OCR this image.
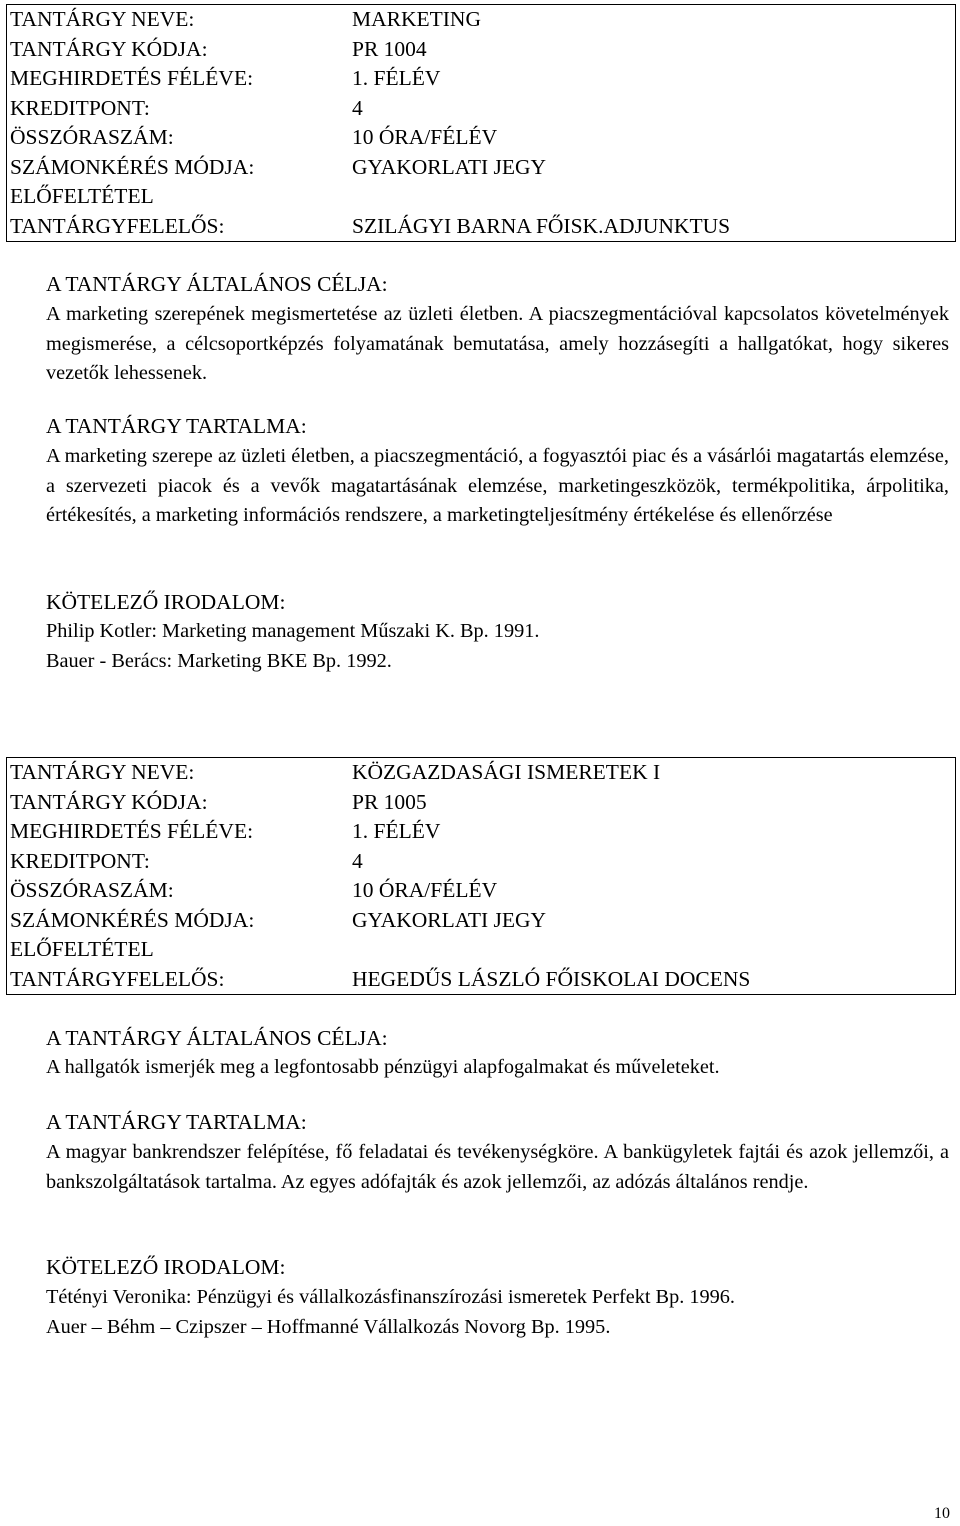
TANTÁRGY NEVE:	MARKETING
TANTÁRGY KÓDJA:	PR 1004
MEGHIRDETÉS FÉLÉVE:	1. FÉLÉV
KREDITPONT:	4
ÖSSZÓRASZÁM:	10 ÓRA/FÉLÉV
SZÁMONKÉRÉS MÓDJA:	GYAKORLATI JEGY
ELŐFELTÉTEL	
TANTÁRGYFELELŐS:	SZILÁGYI BARNA FŐISK.ADJUNKTUS
A TANTÁRGY ÁLTALÁNOS CÉLJA:
A marketing szerepének megismertetése az üzleti életben. A piacszegmentációval kapcsolatos követelmények megismerése, a célcsoportképzés folyamatának bemutatása, amely hozzásegíti a hallgatókat, hogy sikeres vezetők lehessenek.
A TANTÁRGY TARTALMA:
A marketing szerepe az üzleti életben, a piacszegmentáció, a fogyasztói piac és a vásárlói magatartás elemzése, a szervezeti piacok és a vevők magatartásának elemzése, marketingeszközök, termékpolitika, árpolitika, értékesítés, a marketing információs rendszere, a marketingteljesítmény értékelése és ellenőrzése
KÖTELEZŐ IRODALOM:
Philip Kotler: Marketing management Műszaki K. Bp. 1991.
Bauer - Berács: Marketing BKE Bp. 1992.
TANTÁRGY NEVE:	KÖZGAZDASÁGI ISMERETEK I
TANTÁRGY KÓDJA:	PR 1005
MEGHIRDETÉS FÉLÉVE:	1. FÉLÉV
KREDITPONT:	4
ÖSSZÓRASZÁM:	10 ÓRA/FÉLÉV
SZÁMONKÉRÉS MÓDJA:	GYAKORLATI JEGY
ELŐFELTÉTEL	
TANTÁRGYFELELŐS:	HEGEDŰS LÁSZLÓ FŐISKOLAI DOCENS
A TANTÁRGY ÁLTALÁNOS CÉLJA:
A hallgatók ismerjék meg a legfontosabb pénzügyi alapfogalmakat és műveleteket.
A TANTÁRGY TARTALMA:
A magyar bankrendszer felépítése, fő feladatai és tevékenységköre. A bankügyletek fajtái és azok jellemzői, a bankszolgáltatások tartalma. Az egyes adófajták és azok jellemzői, az adózás általános rendje.
KÖTELEZŐ IRODALOM:
Tétényi Veronika: Pénzügyi és vállalkozásfinanszírozási ismeretek Perfekt Bp. 1996.
Auer – Béhm – Czipszer – Hoffmanné Vállalkozás Novorg Bp. 1995.
10
